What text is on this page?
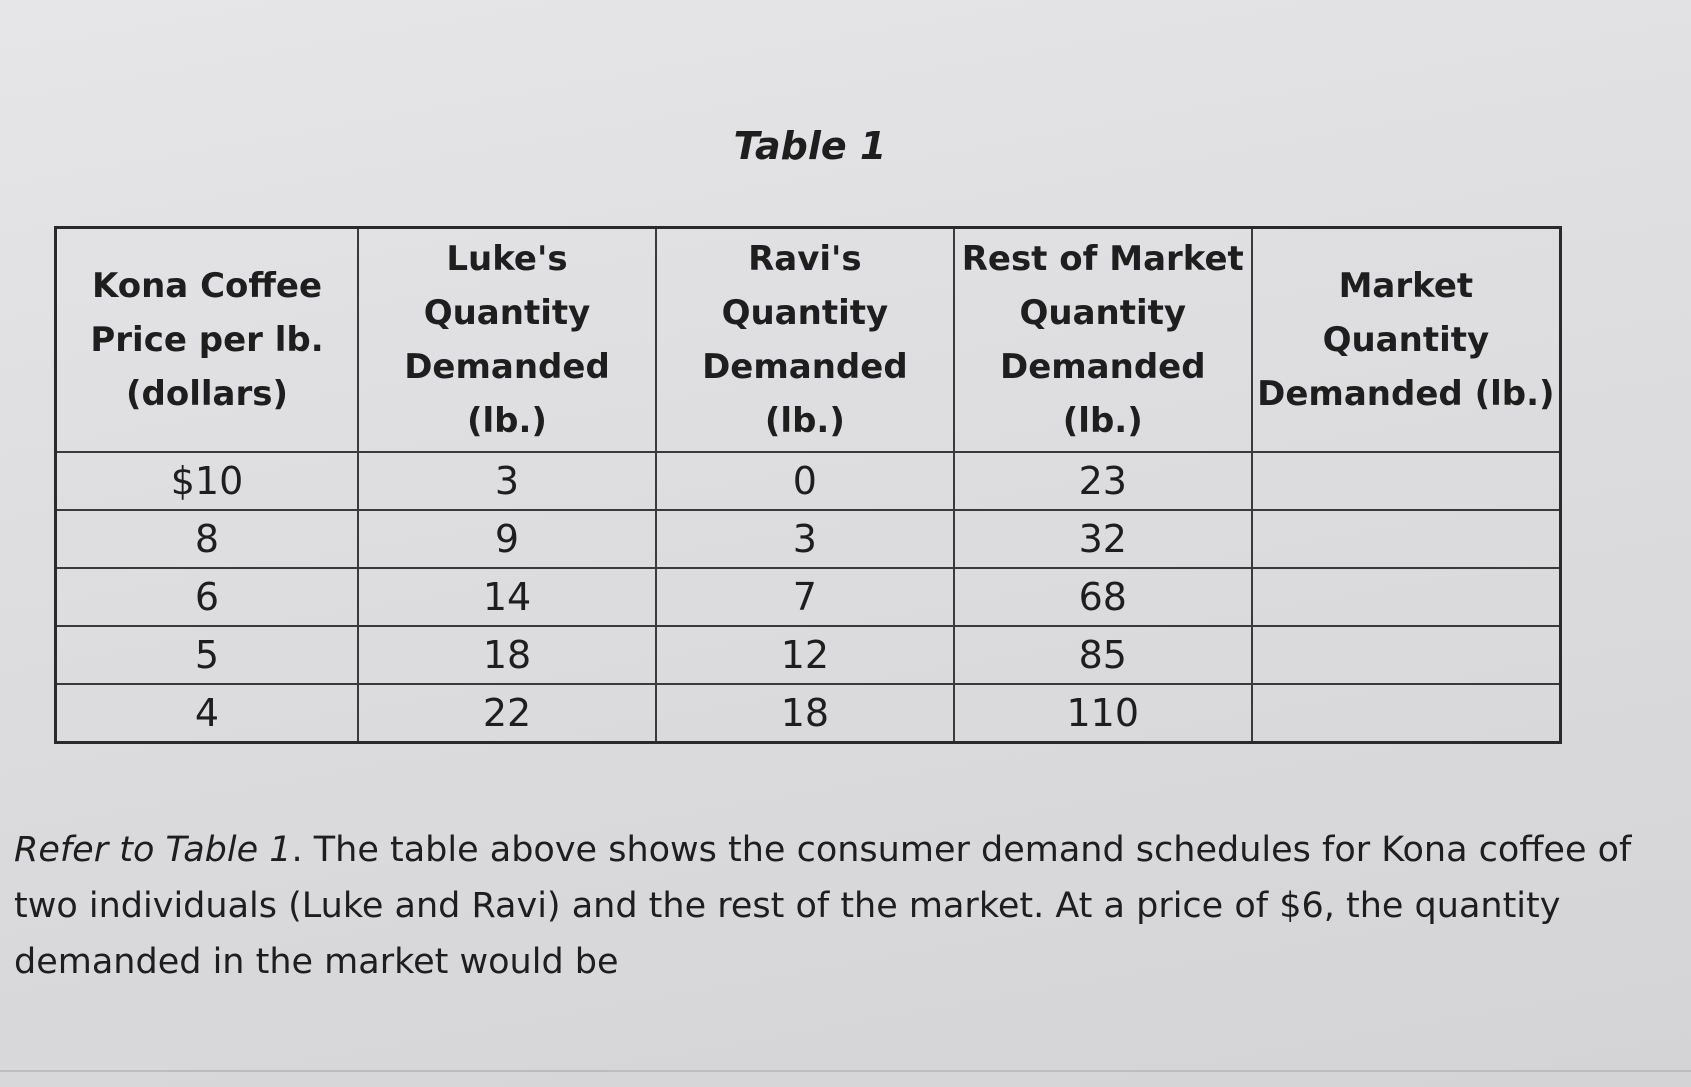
Table 1
Kona Coffee Price per lb. (dollars)	Luke's Quantity Demanded (lb.)	Ravi's Quantity Demanded (lb.)	Rest of Market Quantity Demanded (lb.)	Market Quantity Demanded (lb.)
$10	3	0	23	
8	9	3	32	
6	14	7	68	
5	18	12	85	
4	22	18	110	
Refer to Table 1. The table above shows the consumer demand schedules for Kona coffee of two individuals (Luke and Ravi) and the rest of the market. At a price of $6, the quantity demanded in the market would be
